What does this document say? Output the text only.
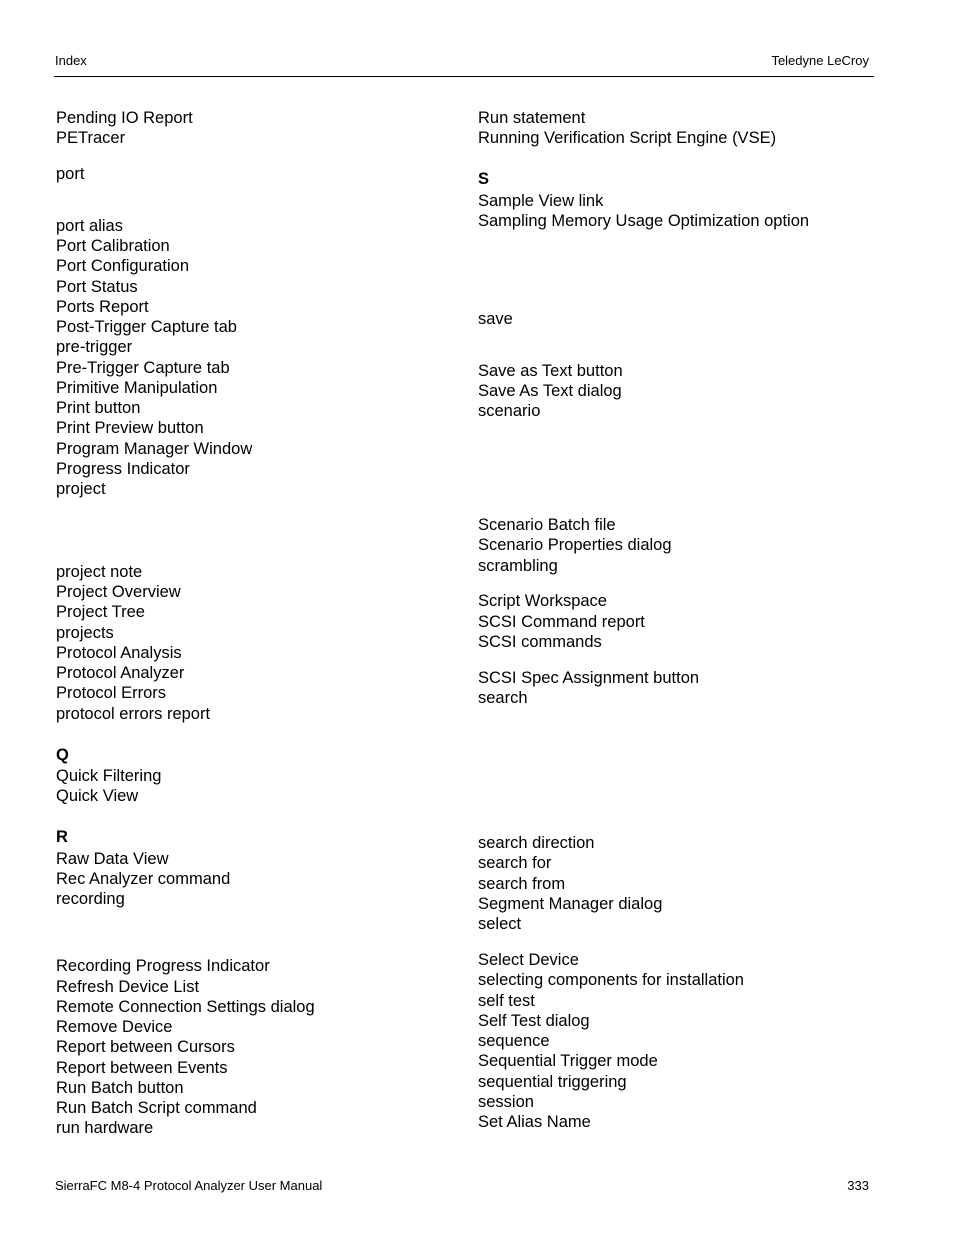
Index	Teledyne LeCroy
Pending IO Report
PETracer
port
port alias
Port Calibration
Port Configuration
Port Status
Ports Report
Post-Trigger Capture tab
pre-trigger
Pre-Trigger Capture tab
Primitive Manipulation
Print button
Print Preview button
Program Manager Window
Progress Indicator
project
project note
Project Overview
Project Tree
projects
Protocol Analysis
Protocol Analyzer
Protocol Errors
protocol errors report
Q
Quick Filtering
Quick View
R
Raw Data View
Rec Analyzer command
recording
Recording Progress Indicator
Refresh Device List
Remote Connection Settings dialog
Remove Device
Report between Cursors
Report between Events
Run Batch button
Run Batch Script command
run hardware
Run statement
Running Verification Script Engine (VSE)
S
Sample View link
Sampling Memory Usage Optimization option
save
Save as Text button
Save As Text dialog
scenario
Scenario Batch file
Scenario Properties dialog
scrambling
Script Workspace
SCSI Command report
SCSI commands
SCSI Spec Assignment button
search
search direction
search for
search from
Segment Manager dialog
select
Select Device
selecting components for installation
self test
Self Test dialog
sequence
Sequential Trigger mode
sequential triggering
session
Set Alias Name
SierraFC M8-4 Protocol Analyzer User Manual	333
